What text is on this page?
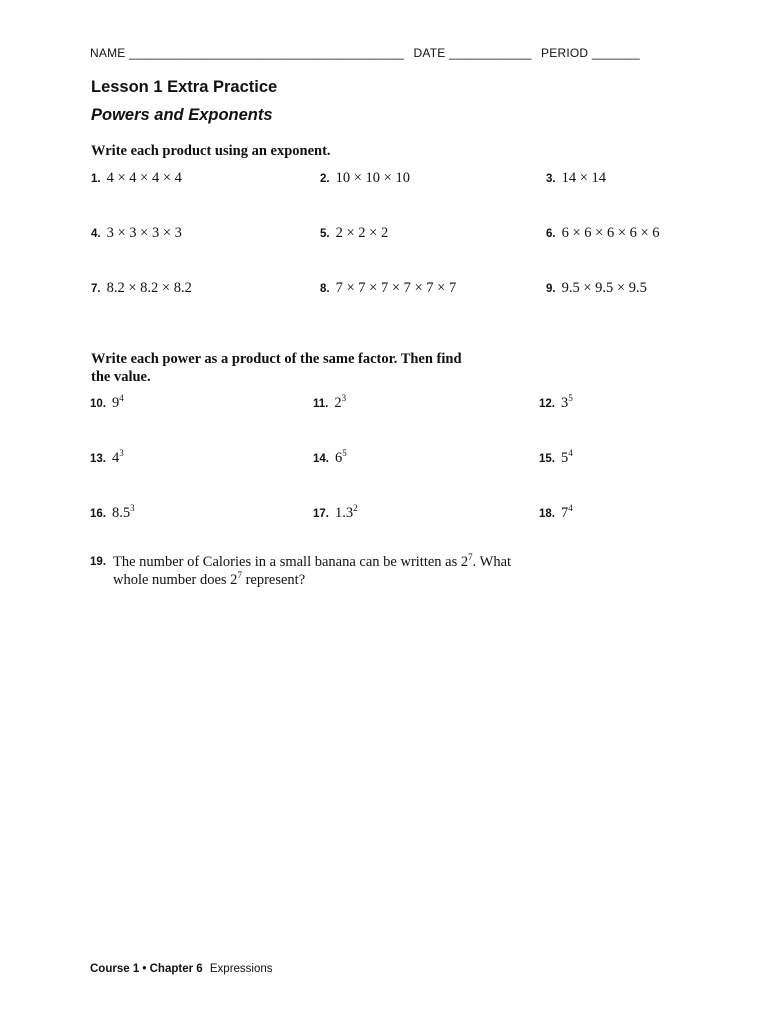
NAME ________________________________________ DATE ____________ PERIOD _______
Lesson 1 Extra Practice
Powers and Exponents
Write each product using an exponent.
1. 4 × 4 × 4 × 4	2. 10 × 10 × 10	3. 14 × 14
4. 3 × 3 × 3 × 3	5. 2 × 2 × 2	6. 6 × 6 × 6 × 6 × 6
7. 8.2 × 8.2 × 8.2	8. 7 × 7 × 7 × 7 × 7 × 7	9. 9.5 × 9.5 × 9.5
Write each power as a product of the same factor. Then find
the value.
10. $9^4$	11. $2^3$	12. $3^5$
13. $4^3$	14. $6^5$	15. $5^4$
16. $8.5^3$	17. $1.3^2$	18. $7^4$
19. The number of Calories in a small banana can be written as $2^7$. What
whole number does $2^7$ represent?
Course 1 • Chapter 6 Expressions
